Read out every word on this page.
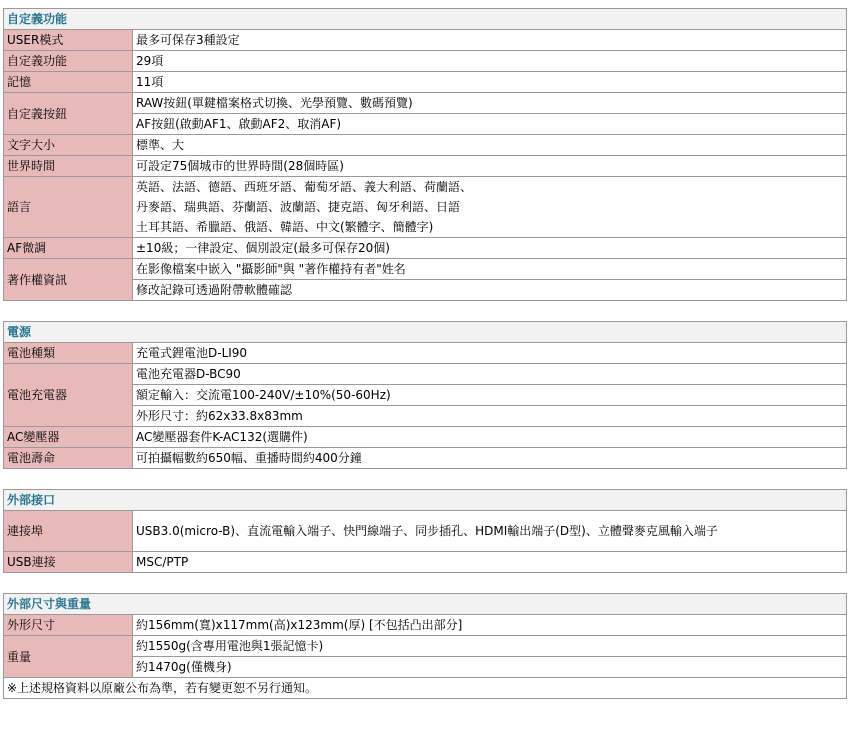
自定義功能	
USER模式	最多可保存3種設定
自定義功能	29項
記憶	11項
自定義按鈕	RAW按鈕(單鍵檔案格式切換、光學預覽、數碼預覽)
	AF按鈕(啟動AF1、啟動AF2、取消AF)
文字大小	標準、大
世界時間	可設定75個城市的世界時間(28個時區)
語言	英語、法語、德語、西班牙語、葡萄牙語、義大利語、荷蘭語、
丹麥語、瑞典語、芬蘭語、波蘭語、捷克語、匈牙利語、日語
土耳其語、希臘語、俄語、韓語、中文(繁體字、簡體字)

AF微調	±10級；一律設定、個別設定(最多可保存20個)
著作權資訊	在影像檔案中嵌入 "攝影師"與 "著作權持有者"姓名
	修改記錄可透過附帶軟體確認
電源	
電池種類	充電式鋰電池D-LI90
電池充電器	電池充電器D-BC90
	額定輸入：交流電100-240V/±10%(50-60Hz)
	外形尺寸：約62x33.8x83mm
AC變壓器	AC變壓器套件K-AC132(選購件)
電池壽命	可拍攝幅數約650幅、重播時間約400分鐘
外部接口	
連接埠	USB3.0(micro-B)、直流電輸入端子、快門線端子、同步插孔、HDMI輸出端子(D型)、立體聲麥克風輸入端子
USB連接	MSC/PTP
外部尺寸與重量	
外形尺寸	約156mm(寬)x117mm(高)x123mm(厚) [不包括凸出部分]
重量	約1550g(含專用電池與1張記憶卡)
	約1470g(僅機身)
※上述規格資料以原廠公布為準，若有變更恕不另行通知。	
